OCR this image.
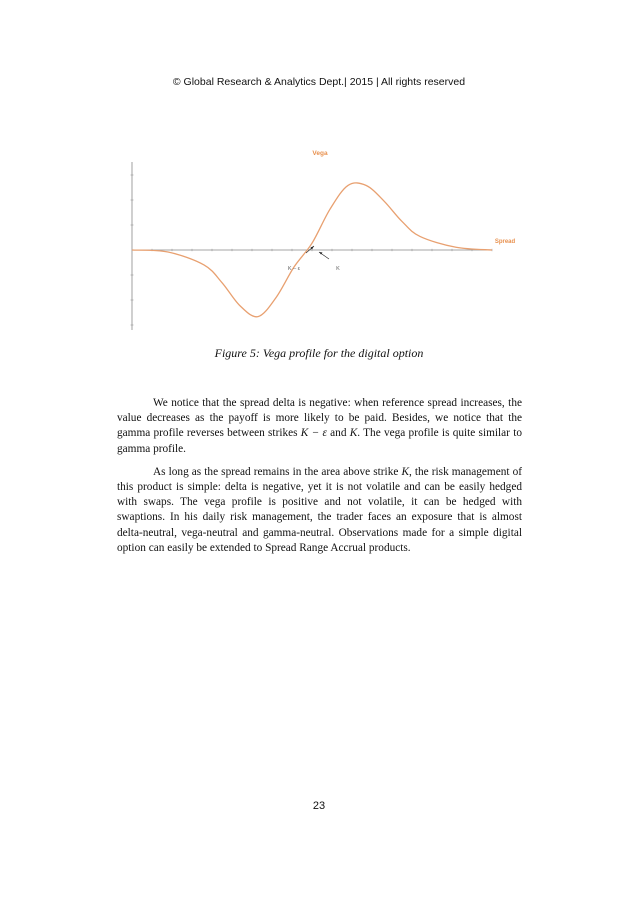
© Global Research & Analytics Dept.| 2015 | All rights reserved
Vega
Spread
K – ε	K
Figure 5: Vega profile for the digital option

We notice that the spread delta is negative: when reference spread increases, the value decreases as the payoff is more likely to be paid. Besides, we notice that the gamma profile reverses between strikes K − ε and K. The vega profile is quite similar to gamma profile.

As long as the spread remains in the area above strike K, the risk management of this product is simple: delta is negative, yet it is not volatile and can be easily hedged with swaps. The vega profile is positive and not volatile, it can be hedged with swaptions. In his daily risk management, the trader faces an exposure that is almost delta-neutral, vega-neutral and gamma-neutral. Observations made for a simple digital option can easily be extended to Spread Range Accrual products.

23
